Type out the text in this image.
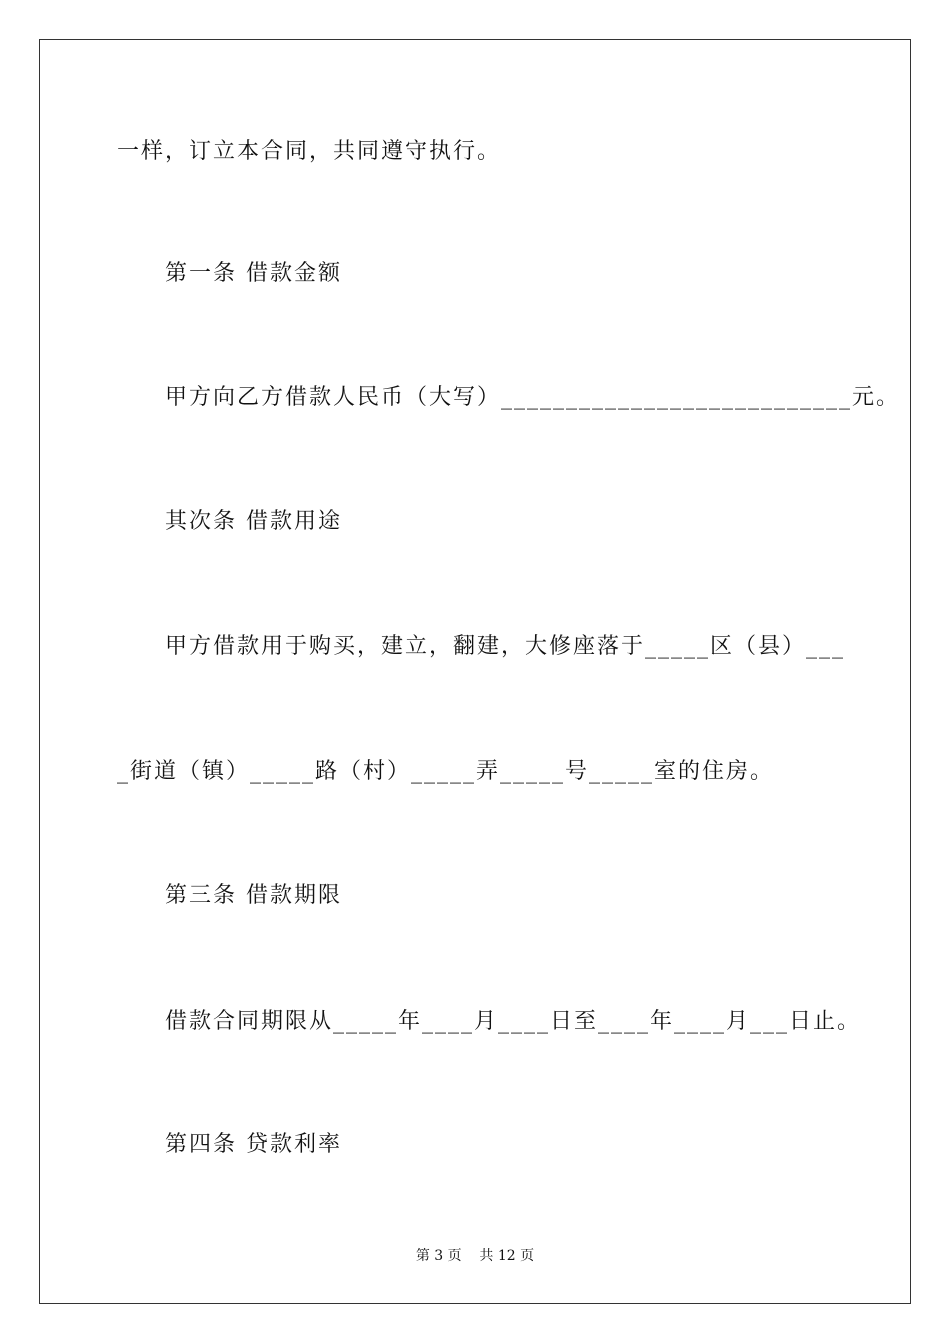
一样，订立本合同，共同遵守执行。
第一条 借款金额
甲方向乙方借款人民币（大写）___________________________元。
其次条 借款用途
甲方借款用于购买，建立，翻建，大修座落于_____区（县）___
_街道（镇）_____路（村）_____弄_____号_____室的住房。
第三条 借款期限
借款合同期限从_____年____月____日至____年____月___日止。
第四条 贷款利率
第 3 页    共 12 页
